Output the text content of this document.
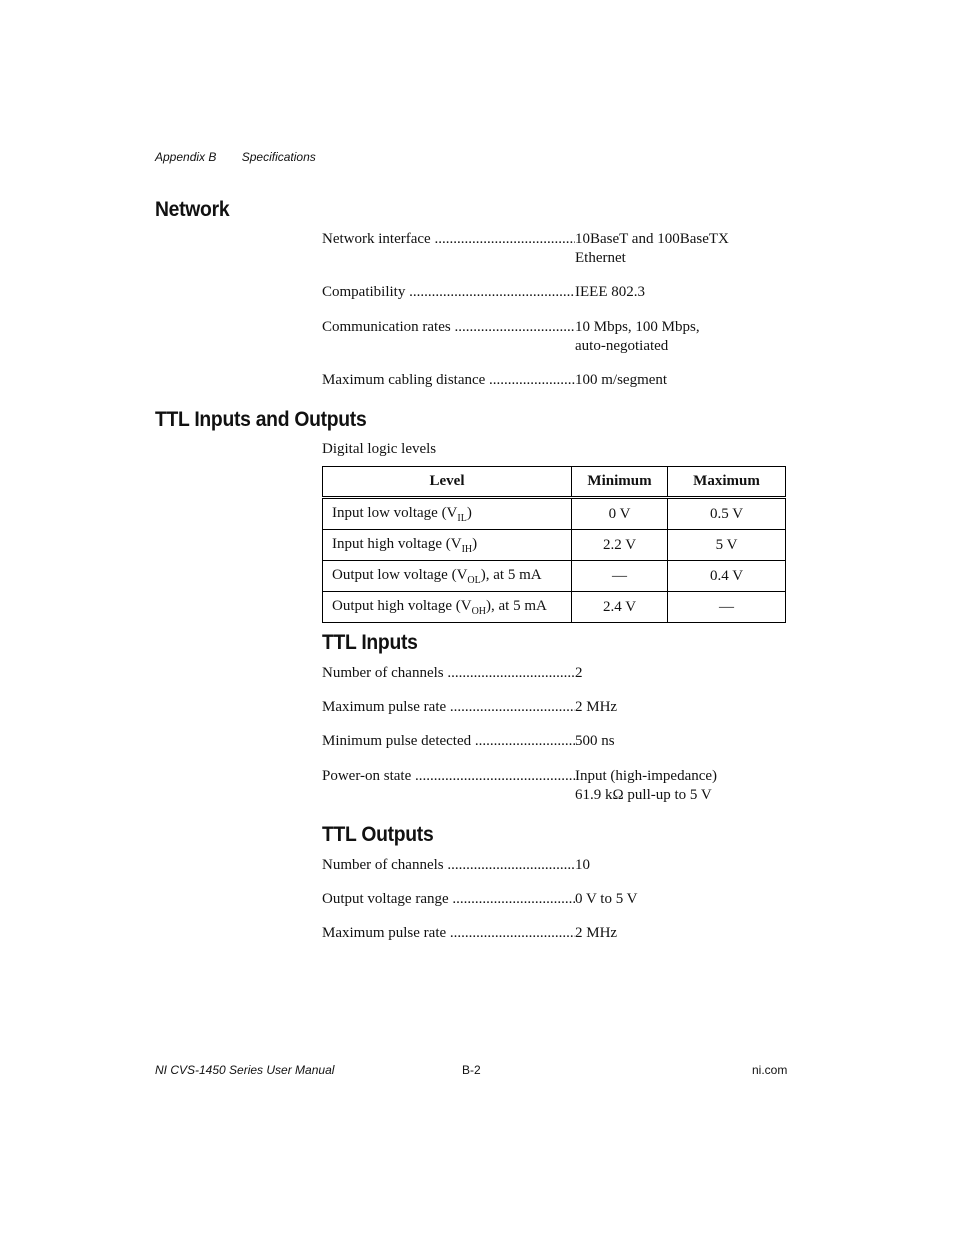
Appendix B Specifications
Network
Network interface .....	10BaseT and 100BaseTX
Ethernet
Compatibility .....	IEEE 802.3
Communication rates .....	10 Mbps, 100 Mbps,
auto-negotiated
Maximum cabling distance .....	100 m/segment
TTL Inputs and Outputs
Digital logic levels
Level	Minimum	Maximum
Input low voltage $(V_{IL})$	0 V	0.5 V
Input high voltage $(V_{IH})$	2.2 V	5 V
Output low voltage $(V_{OL})$, at 5 mA	—	0.4 V
Output high voltage $(V_{OH})$, at 5 mA	2.4 V	—
TTL Inputs
Number of channels .....	2
Maximum pulse rate .....	2 MHz
Minimum pulse detected .....	500 ns
Power-on state .....	Input (high-impedance)
61.9 kΩ pull-up to 5 V
TTL Outputs
Number of channels .....	10
Output voltage range .....	0 V to 5 V
Maximum pulse rate .....	2 MHz
NI CVS-1450 Series User Manual	B-2	ni.com
